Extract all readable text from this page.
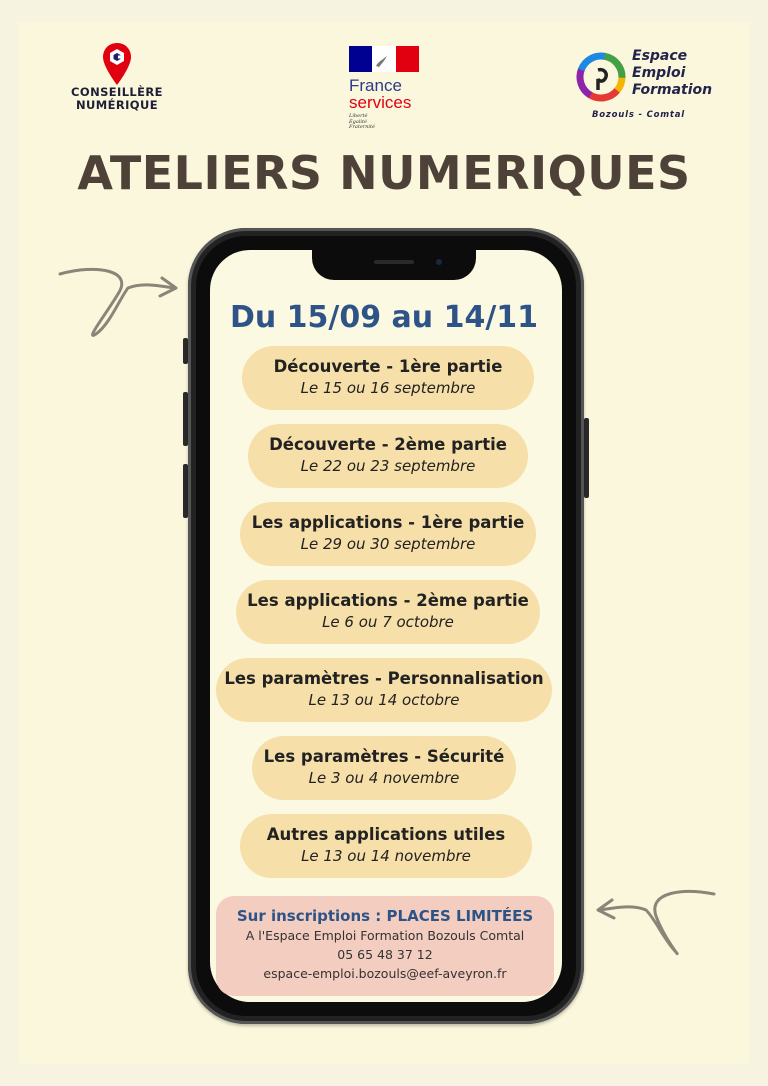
CONSEILLÈRE
NUMÉRIQUE
France
services
Liberté
Égalité
Fraternité
Espace
Emploi
Formation
Bozouls - Comtal
ATELIERS NUMERIQUES
Du 15/09 au 14/11
Découverte - 1ère partie
Le 15 ou 16 septembre
Découverte - 2ème partie
Le 22 ou 23 septembre
Les applications - 1ère partie
Le 29 ou 30 septembre
Les applications - 2ème partie
Le 6 ou 7 octobre
Les paramètres - Personnalisation
Le 13 ou 14 octobre
Les paramètres - Sécurité
Le 3 ou 4 novembre
Autres applications utiles
Le 13 ou 14 novembre
Sur inscriptions : PLACES LIMITÉES
A l'Espace Emploi Formation Bozouls Comtal
05 65 48 37 12
espace-emploi.bozouls@eef-aveyron.fr
